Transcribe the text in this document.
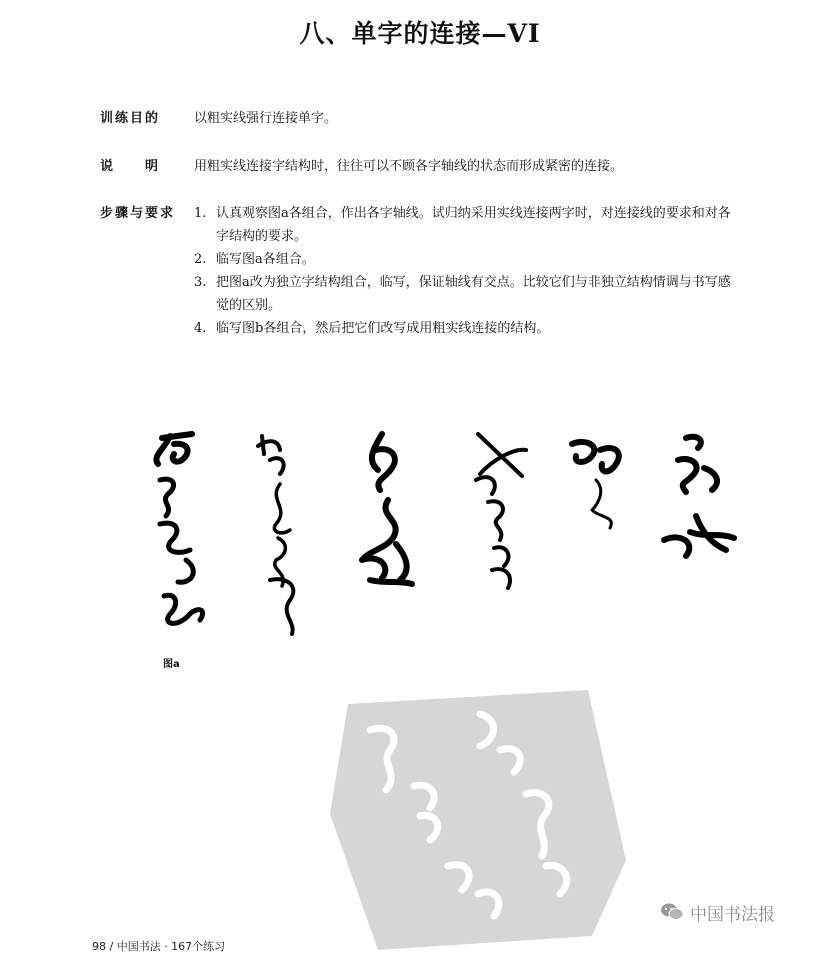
八、单字的连接—VI
训练目的	以粗实线强行连接单字。
说　　明	用粗实线连接字结构时，往往可以不顾各字轴线的状态而形成紧密的连接。
步骤与要求	1. 认真观察图a各组合，作出各字轴线。试归纳采用实线连接两字时，对连接线的要求和对各字结构的要求。

2. 临写图a各组合。

3. 把图a改为独立字结构组合，临写，保证轴线有交点。比较它们与非独立结构情调与书写感觉的区别。

4. 临写图b各组合，然后把它们改写成用粗实线连接的结构。

图a
中国书法报
98 / 中国书法 · 167个练习
